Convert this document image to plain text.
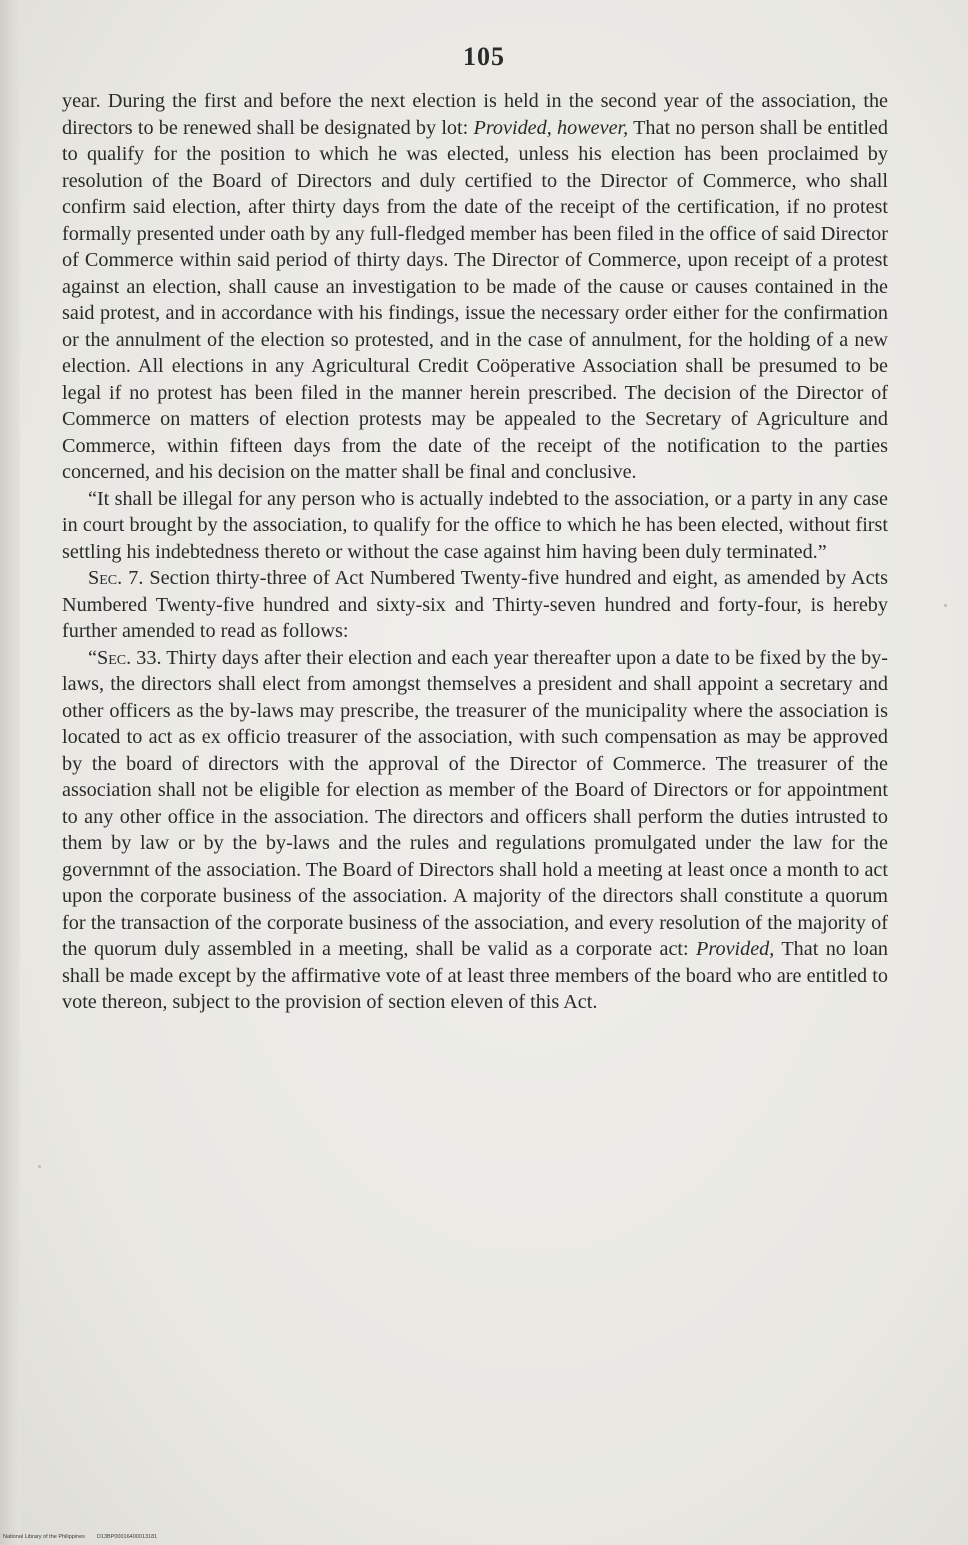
105

year. During the first and before the next election is held in the second year of the association, the directors to be renewed shall be designated by lot: Provided, however, That no person shall be entitled to qualify for the position to which he was elected, unless his election has been proclaimed by resolution of the Board of Directors and duly certified to the Director of Commerce, who shall confirm said election, after thirty days from the date of the receipt of the certification, if no protest formally presented under oath by any full-fledged member has been filed in the office of said Director of Commerce within said period of thirty days. The Director of Commerce, upon receipt of a protest against an election, shall cause an investigation to be made of the cause or causes contained in the said protest, and in accordance with his findings, issue the necessary order either for the confirmation or the annulment of the election so protested, and in the case of annulment, for the holding of a new election. All elections in any Agricultural Credit Coöperative Association shall be presumed to be legal if no protest has been filed in the manner herein prescribed. The decision of the Director of Commerce on matters of election protests may be appealed to the Secretary of Agriculture and Commerce, within fifteen days from the date of the receipt of the notification to the parties concerned, and his decision on the matter shall be final and conclusive.

“It shall be illegal for any person who is actually indebted to the association, or a party in any case in court brought by the association, to qualify for the office to which he has been elected, without first settling his indebtedness thereto or without the case against him having been duly terminated.”

Sec. 7. Section thirty-three of Act Numbered Twenty-five hundred and eight, as amended by Acts Numbered Twenty-five hundred and sixty-six and Thirty-seven hundred and forty-four, is hereby further amended to read as follows:

“Sec. 33. Thirty days after their election and each year thereafter upon a date to be fixed by the by-laws, the directors shall elect from amongst themselves a president and shall appoint a secretary and other officers as the by-laws may prescribe, the treasurer of the municipality where the association is located to act as ex officio treasurer of the association, with such compensation as may be approved by the board of directors with the approval of the Director of Commerce. The treasurer of the association shall not be eligible for election as member of the Board of Directors or for appointment to any other office in the association. The directors and officers shall perform the duties intrusted to them by law or by the by-laws and the rules and regulations promulgated under the law for the governmnt of the association. The Board of Directors shall hold a meeting at least once a month to act upon the corporate business of the association. A majority of the directors shall constitute a quorum for the transaction of the corporate business of the association, and every resolution of the majority of the quorum duly assembled in a meeting, shall be valid as a corporate act: Provided, That no loan shall be made except by the affirmative vote of at least three members of the board who are entitled to vote thereon, subject to the provision of section eleven of this Act.

National Library of the Philippines D13BP00016400013181
